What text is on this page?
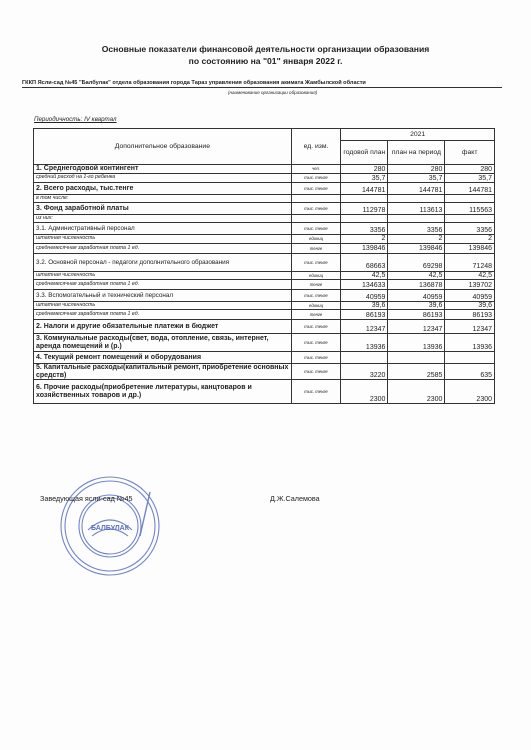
Основные показатели финансовой деятельности организации образования
по состоянию на "01" января 2022 г.
ГККП Ясли-сад №45 "Балбулак" отдела образования города Тараз управления образования акимата Жамбылской области
(наименование организации образования)
Периодичность: IV квартал
Дополнительное образование	ед. изм.	2021		
		годовой план	план на период	факт
1. Среднегодовой контингент	чел.	280	280	280
средний расход на 1-го ребенка	тыс. тенге	35,7	35,7	35,7
2. Всего расходы, тыс.тенге	тыс. тенге	144781	144781	144781
в том числе:				
3. Фонд заработной платы	тыс. тенге	112978	113613	115563
из них:				
3.1. Административный персонал	тыс. тенге	3356	3356	3356
штатная численность	единиц	2	2	2
среднемесячная заработная плата 1 ед.	тенге	139846	139846	139846
3.2. Основной персонал - педагоги дополнительного образования	тыс. тенге	68663	69298	71248
штатная численность	единиц	42,5	42,5	42,5
среднемесячная заработная плата 1 ед.	тенге	134633	136878	139702
3.3. Вспомогательный и технический персонал	тыс. тенге	40959	40959	40959
штатная численность	единиц	39,6	39,6	39,6
среднемесячная заработная плата 1 ед.	тенге	86193	86193	86193
2. Налоги и другие обязательные платежи в бюджет	тыс. тенге	12347	12347	12347
3. Коммунальные расходы(свет, вода, отопление, связь, интернет, аренда помещений и (р.)	тыс. тенге	13936	13936	13936
4. Текущий ремонт помещений и оборудования	тыс. тенге			
5. Капитальные расходы(капитальный ремонт, приобретение основных средств)	тыс. тенге	3220	2585	635
6. Прочие расходы(приобретение литературы, канцтоваров и хозяйственных товаров и др.)	тыс. тенге	2300	2300	2300
БАЛБУЛАК
Заведующая ясли-сад №45	Д.Ж.Салемова
